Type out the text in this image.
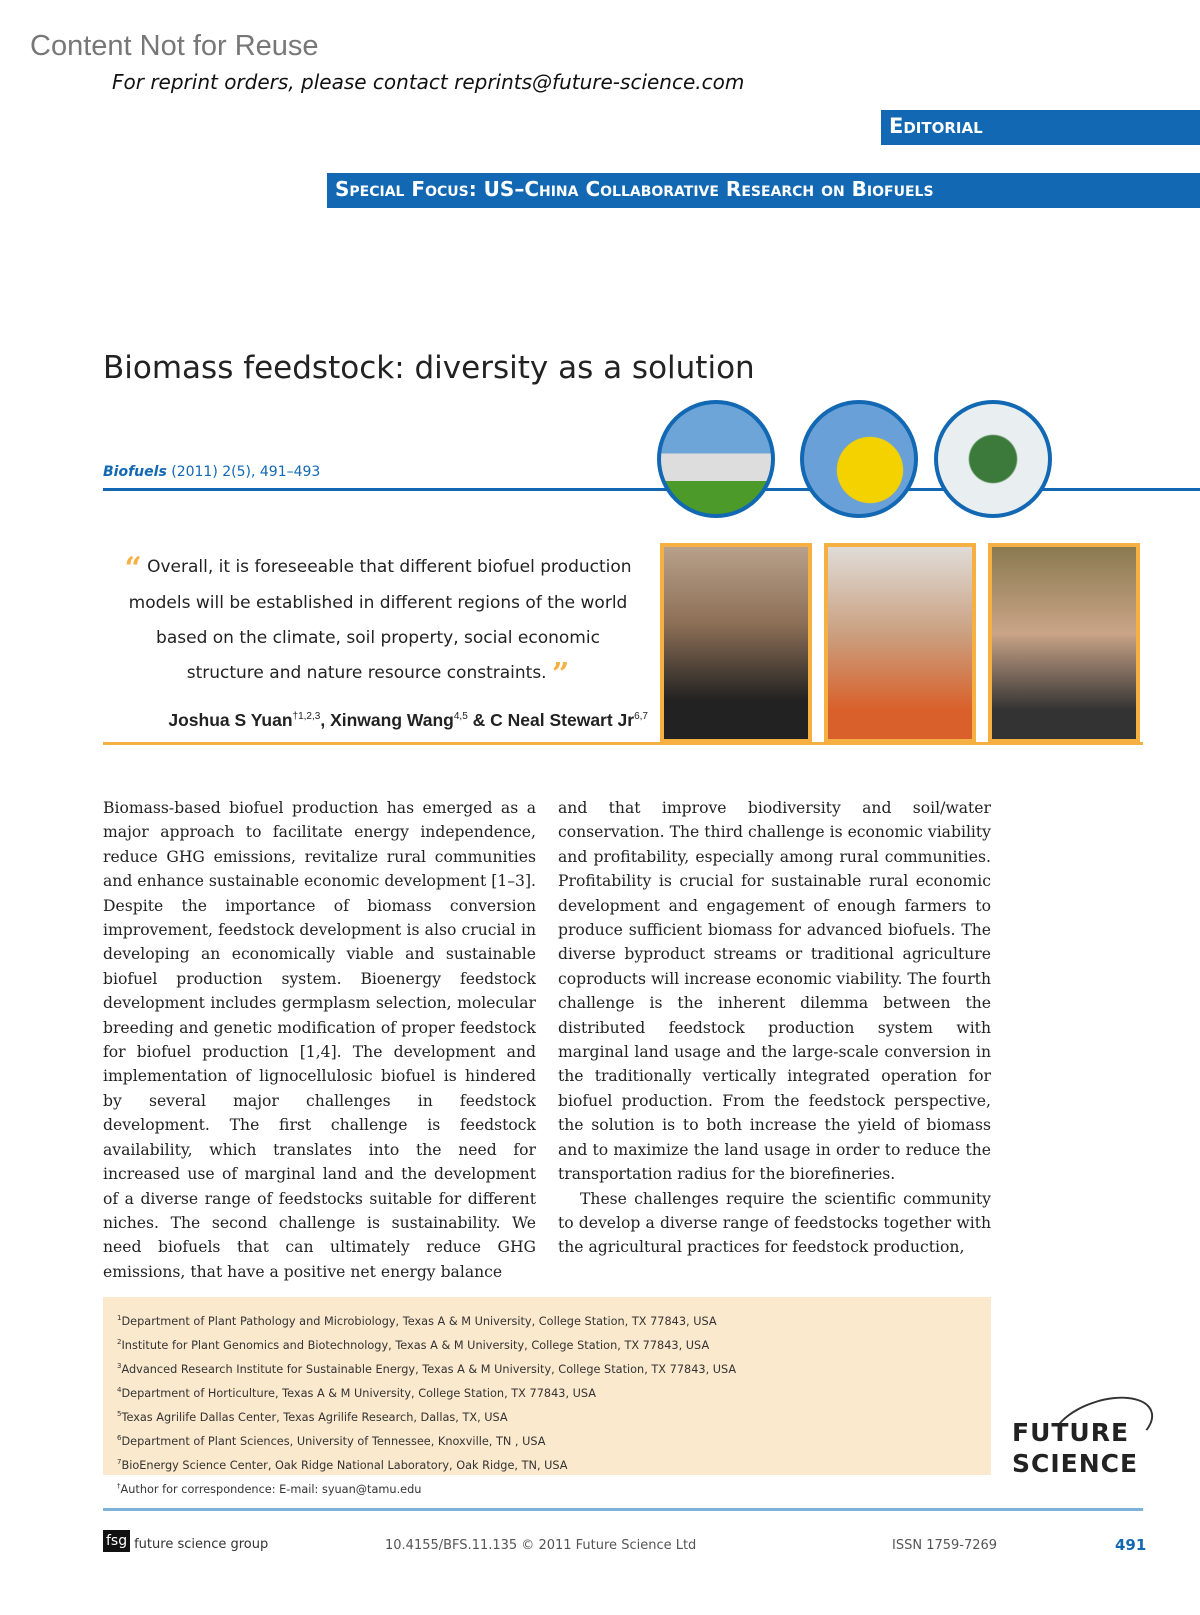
Content Not for Reuse
For reprint orders, please contact reprints@future-science.com
Editorial
Special Focus: US–China Collaborative Research on Biofuels
Biomass feedstock: diversity as a solution
Biofuels (2011) 2(5), 491–493
“ Overall, it is foreseeable that different biofuel production models will be established in different regions of the world based on the climate, soil property, social economic structure and nature resource constraints. ”
Joshua S Yuan$^{\dagger 1,2,3}$, Xinwang Wang$^{4,5}$ & C Neal Stewart Jr$^{6,7}$
Biomass-based biofuel production has emerged as a major approach to facilitate energy independence, reduce GHG emissions, revitalize rural communities and enhance sustainable economic development [1–3]. Despite the importance of biomass conversion improvement, feedstock development is also crucial in developing an economically viable and sustainable biofuel production system. Bioenergy feedstock development includes germplasm selection, molecular breeding and genetic modification of proper feedstock for biofuel production [1,4]. The development and implementation of lignocellulosic biofuel is hindered by several major challenges in feedstock development. The first challenge is feedstock availability, which translates into the need for increased use of marginal land and the development of a diverse range of feedstocks suitable for different niches. The second challenge is sustainability. We need biofuels that can ultimately reduce GHG emissions, that have a positive net energy balance

and that improve biodiversity and soil/water conservation. The third challenge is economic viability and profitability, especially among rural communities. Profitability is crucial for sustainable rural economic development and engagement of enough farmers to produce sufficient biomass for advanced biofuels. The diverse byproduct streams or traditional agriculture coproducts will increase economic viability. The fourth challenge is the inherent dilemma between the distributed feedstock production system with marginal land usage and the large-scale conversion in the traditionally vertically integrated operation for biofuel production. From the feedstock perspective, the solution is to both increase the yield of biomass and to maximize the land usage in order to reduce the transportation radius for the biorefineries.

These challenges require the scientific community to develop a diverse range of feedstocks together with the agricultural practices for feedstock production,

$^1$Department of Plant Pathology and Microbiology, Texas A & M University, College Station, TX 77843, USA
$^2$Institute for Plant Genomics and Biotechnology, Texas A & M University, College Station, TX 77843, USA
$^3$Advanced Research Institute for Sustainable Energy, Texas A & M University, College Station, TX 77843, USA
$^4$Department of Horticulture, Texas A & M University, College Station, TX 77843, USA
$^5$Texas Agrilife Dallas Center, Texas Agrilife Research, Dallas, TX, USA
$^6$Department of Plant Sciences, University of Tennessee, Knoxville, TN , USA
$^7$BioEnergy Science Center, Oak Ridge National Laboratory, Oak Ridge, TN, USA
†Author for correspondence: E-mail: syuan@tamu.edu
FUTURE
SCIENCE
fsg future science group	10.4155/BFS.11.135 © 2011 Future Science Ltd	ISSN 1759-7269	491
